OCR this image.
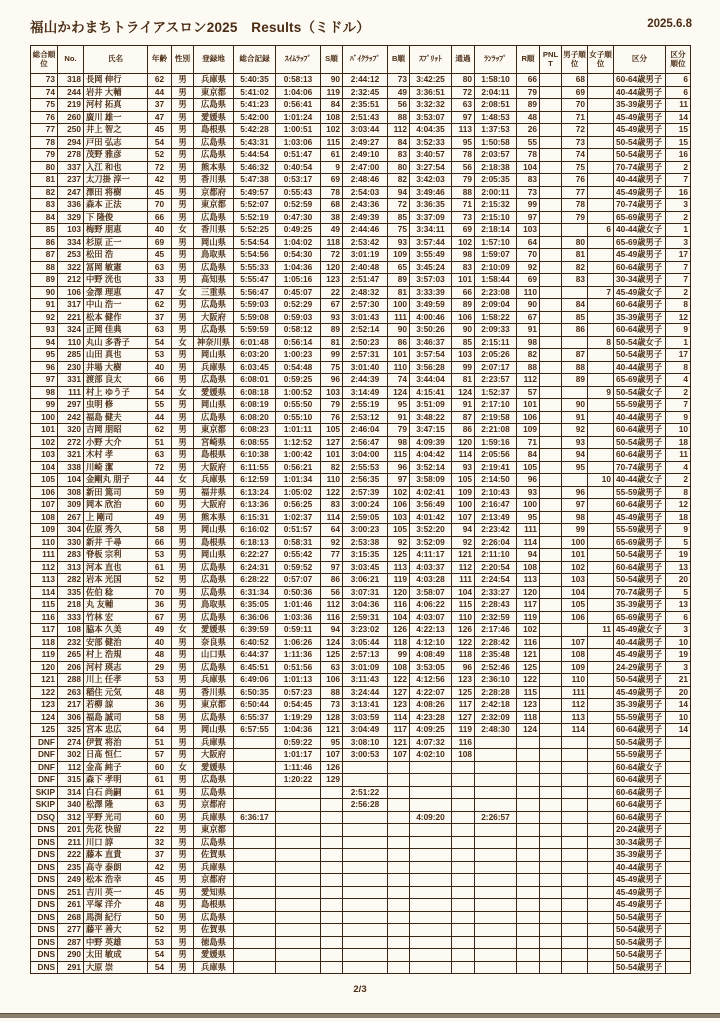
福山かわまちトライアスロン2025　Results（ミドル）	2025.6.8
総合順位	No.	氏名	年齢	性別	登録地	総合記録	ｽｲﾑﾗｯﾌﾟ	S順	ﾊﾞｲｸﾗｯﾌﾟ	B順	ｽﾌﾟﾘｯﾄ	通過	ﾗﾝﾗｯﾌﾟ	R順	PNLT	男子順位	女子順位	区分	区分順位
73	318	長岡 伸行	62	男	兵庫県	5:40:35	0:58:13	90	2:44:12	73	3:42:25	80	1:58:10	66		68		60-64歳男子	6
74	244	岩井 大輔	44	男	東京都	5:41:02	1:04:06	119	2:32:45	49	3:36:51	72	2:04:11	79		69		40-44歳男子	6
75	219	河村 拓真	37	男	広島県	5:41:23	0:56:41	84	2:35:51	56	3:32:32	63	2:08:51	89		70		35-39歳男子	11
76	260	廣川 雄一	47	男	愛媛県	5:42:00	1:01:24	108	2:51:43	88	3:53:07	97	1:48:53	48		71		45-49歳男子	14
77	250	井上 智之	45	男	島根県	5:42:28	1:00:51	102	3:03:44	112	4:04:35	113	1:37:53	26		72		45-49歳男子	15
78	294	戸田 弘志	54	男	広島県	5:43:31	1:03:06	115	2:49:27	84	3:52:33	95	1:50:58	55		73		50-54歳男子	15
79	278	茂野 雅彦	52	男	広島県	5:44:54	0:51:47	61	2:49:10	83	3:40:57	78	2:03:57	78		74		50-54歳男子	16
80	337	入江 和也	72	男	熊本県	5:46:32	0:40:54	9	2:47:00	80	3:27:54	56	2:18:38	104		75		70-74歳男子	2
81	237	太刀掛 淳一	42	男	香川県	5:47:38	0:53:17	69	2:48:46	82	3:42:03	79	2:05:35	83		76		40-44歳男子	7
82	247	澤田 将樹	45	男	京都府	5:49:57	0:55:43	78	2:54:03	94	3:49:46	88	2:00:11	73		77		45-49歳男子	16
83	336	森本 正法	70	男	東京都	5:52:07	0:52:59	68	2:43:36	72	3:36:35	71	2:15:32	99		78		70-74歳男子	3
84	329	下 隆俊	66	男	広島県	5:52:19	0:47:30	38	2:49:39	85	3:37:09	73	2:15:10	97		79		65-69歳男子	2
85	103	梅野 朋恵	40	女	香川県	5:52:25	0:49:25	49	2:44:46	75	3:34:11	69	2:18:14	103			6	40-44歳女子	1
86	334	杉原 正一	69	男	岡山県	5:54:54	1:04:02	118	2:53:42	93	3:57:44	102	1:57:10	64		80		65-69歳男子	3
87	253	松田 浩	45	男	鳥取県	5:54:56	0:54:30	72	3:01:19	109	3:55:49	98	1:59:07	70		81		45-49歳男子	17
88	322	冨岡 敏憲	63	男	広島県	5:55:33	1:04:36	120	2:40:48	65	3:45:24	83	2:10:09	92		82		60-64歳男子	7
89	212	中野 洸也	33	男	高知県	5:55:47	1:05:16	123	2:51:47	89	3:57:03	101	1:58:44	69		83		30-34歳男子	7
90	106	金澤 理恵	47	女	三重県	5:56:47	0:45:07	22	2:48:32	81	3:33:39	66	2:23:08	110			7	45-49歳女子	2
91	317	中山 浩一	62	男	広島県	5:59:03	0:52:29	67	2:57:30	100	3:49:59	89	2:09:04	90		84		60-64歳男子	8
92	221	松本 健作	37	男	大阪府	5:59:08	0:59:03	93	3:01:43	111	4:00:46	106	1:58:22	67		85		35-39歳男子	12
93	324	正岡 佳典	63	男	広島県	5:59:59	0:58:12	89	2:52:14	90	3:50:26	90	2:09:33	91		86		60-64歳男子	9
94	110	丸山 多香子	54	女	神奈川県	6:01:48	0:56:14	81	2:50:23	86	3:46:37	85	2:15:11	98			8	50-54歳女子	1
95	285	山田 真也	53	男	岡山県	6:03:20	1:00:23	99	2:57:31	101	3:57:54	103	2:05:26	82		87		50-54歳男子	17
96	230	井場 大樹	40	男	兵庫県	6:03:45	0:54:48	75	3:01:40	110	3:56:28	99	2:07:17	88		88		40-44歳男子	8
97	331	渡部 良太	66	男	広島県	6:08:01	0:59:25	96	2:44:39	74	3:44:04	81	2:23:57	112		89		65-69歳男子	4
98	111	村上 ゆう子	54	女	愛媛県	6:08:18	1:00:52	103	3:14:49	124	4:15:41	124	1:52:37	57			9	50-54歳女子	2
99	297	虫明 修	55	男	岡山県	6:08:19	0:55:50	79	2:55:19	95	3:51:09	91	2:17:10	101		90		55-59歳男子	7
100	242	福島 健夫	44	男	広島県	6:08:20	0:55:10	76	2:53:12	91	3:48:22	87	2:19:58	106		91		40-44歳男子	9
101	320	吉岡 朋昭	62	男	東京都	6:08:23	1:01:11	105	2:46:04	79	3:47:15	86	2:21:08	109		92		60-64歳男子	10
102	272	小野 大介	51	男	宮崎県	6:08:55	1:12:52	127	2:56:47	98	4:09:39	120	1:59:16	71		93		50-54歳男子	18
103	321	木村 孝	63	男	島根県	6:10:38	1:00:42	101	3:04:00	115	4:04:42	114	2:05:56	84		94		60-64歳男子	11
104	338	川崎 潔	72	男	大阪府	6:11:55	0:56:21	82	2:55:53	96	3:52:14	93	2:19:41	105		95		70-74歳男子	4
105	104	金剛丸 朋子	44	女	兵庫県	6:12:59	1:01:34	110	2:56:35	97	3:58:09	105	2:14:50	96			10	40-44歳女子	2
106	308	新田 篤司	59	男	福井県	6:13:24	1:05:02	122	2:57:39	102	4:02:41	109	2:10:43	93		96		55-59歳男子	8
107	309	岡本 欣治	60	男	大阪府	6:13:36	0:56:25	83	3:00:24	106	3:56:49	100	2:16:47	100		97		60-64歳男子	12
108	267	上 剛司	49	男	熊本県	6:15:31	1:02:37	114	2:59:05	103	4:01:42	107	2:13:49	95		98		45-49歳男子	18
109	304	佐原 秀久	58	男	岡山県	6:16:02	0:51:57	64	3:00:23	105	3:52:20	94	2:23:42	111		99		55-59歳男子	9
110	330	新井 千尋	66	男	島根県	6:18:13	0:58:31	92	2:53:38	92	3:52:09	92	2:26:04	114		100		65-69歳男子	5
111	283	脊板 宗利	53	男	岡山県	6:22:27	0:55:42	77	3:15:35	125	4:11:17	121	2:11:10	94		101		50-54歳男子	19
112	313	河本 直也	61	男	広島県	6:24:31	0:59:52	97	3:03:45	113	4:03:37	112	2:20:54	108		102		60-64歳男子	13
113	282	岩本 光国	52	男	広島県	6:28:22	0:57:07	86	3:06:21	119	4:03:28	111	2:24:54	113		103		50-54歳男子	20
114	335	佐伯 稔	70	男	広島県	6:31:34	0:50:36	56	3:07:31	120	3:58:07	104	2:33:27	120		104		70-74歳男子	5
115	218	丸 友輔	36	男	鳥取県	6:35:05	1:01:46	112	3:04:36	116	4:06:22	115	2:28:43	117		105		35-39歳男子	13
116	333	竹林 宏	67	男	広島県	6:36:06	1:03:36	116	2:59:31	104	4:03:07	110	2:32:59	119		106		65-69歳男子	6
117	108	脇本 久美	49	女	愛媛県	6:39:59	0:59:11	94	3:23:02	126	4:22:13	126	2:17:46	102			11	45-49歳女子	3
118	232	安部 健治	40	男	奈良県	6:40:52	1:06:26	124	3:05:44	118	4:12:10	122	2:28:42	116		107		40-44歳男子	10
119	265	村上 浩規	48	男	山口県	6:44:37	1:11:36	125	2:57:13	99	4:08:49	118	2:35:48	121		108		45-49歳男子	19
120	206	河村 瑛志	29	男	広島県	6:45:51	0:51:56	63	3:01:09	108	3:53:05	96	2:52:46	125		109		24-29歳男子	3
121	288	川上 任孝	53	男	兵庫県	6:49:06	1:01:13	106	3:11:43	122	4:12:56	123	2:36:10	122		110		50-54歳男子	21
122	263	稲住 元気	48	男	香川県	6:50:35	0:57:23	88	3:24:44	127	4:22:07	125	2:28:28	115		111		45-49歳男子	20
123	217	若柳 諒	36	男	東京都	6:50:44	0:54:45	73	3:13:41	123	4:08:26	117	2:42:18	123		112		35-39歳男子	14
124	306	福島 誠司	58	男	広島県	6:55:37	1:19:29	128	3:03:59	114	4:23:28	127	2:32:09	118		113		55-59歳男子	10
125	325	宮本 忠広	64	男	岡山県	6:57:55	1:04:36	121	3:04:49	117	4:09:25	119	2:48:30	124		114		60-64歳男子	14
DNF	274	伊賀 将治	51	男	兵庫県		0:59:22	95	3:08:10	121	4:07:32	116						50-54歳男子	
DNF	302	日髙 恒仁	57	男	大阪府		1:01:17	107	3:00:53	107	4:02:10	108						55-59歳男子	
DNF	112	金髙 純子	60	女	愛媛県		1:11:46	126										60-64歳女子	
DNF	315	森下 孝明	61	男	広島県		1:20:22	129										60-64歳男子	
SKIP	314	白石 尚嗣	61	男	広島県				2:51:22									60-64歳男子	
SKIP	340	松澤 隆	63	男	京都府				2:56:28									60-64歳男子	
DSQ	312	平野 光司	60	男	兵庫県	6:36:17					4:09:20		2:26:57					60-64歳男子	
DNS	201	先花 快留	22	男	東京都													20-24歳男子	
DNS	211	川口 諄	32	男	広島県													30-34歳男子	
DNS	222	藤本 直貴	37	男	佐賀県													35-39歳男子	
DNS	235	高寺 泰朗	42	男	兵庫県													40-44歳男子	
DNS	249	松本 浩幸	45	男	京都府													45-49歳男子	
DNS	251	吉川 英一	45	男	愛知県													45-49歳男子	
DNS	261	平塚 洋介	48	男	島根県													45-49歳男子	
DNS	268	馬渕 紀行	50	男	広島県													50-54歳男子	
DNS	277	藤平 善大	52	男	佐賀県													50-54歳男子	
DNS	287	中野 英雄	53	男	徳島県													50-54歳男子	
DNS	290	太田 敏成	54	男	愛媛県													50-54歳男子	
DNS	291	大原 崇	54	男	兵庫県													50-54歳男子	
2/3
